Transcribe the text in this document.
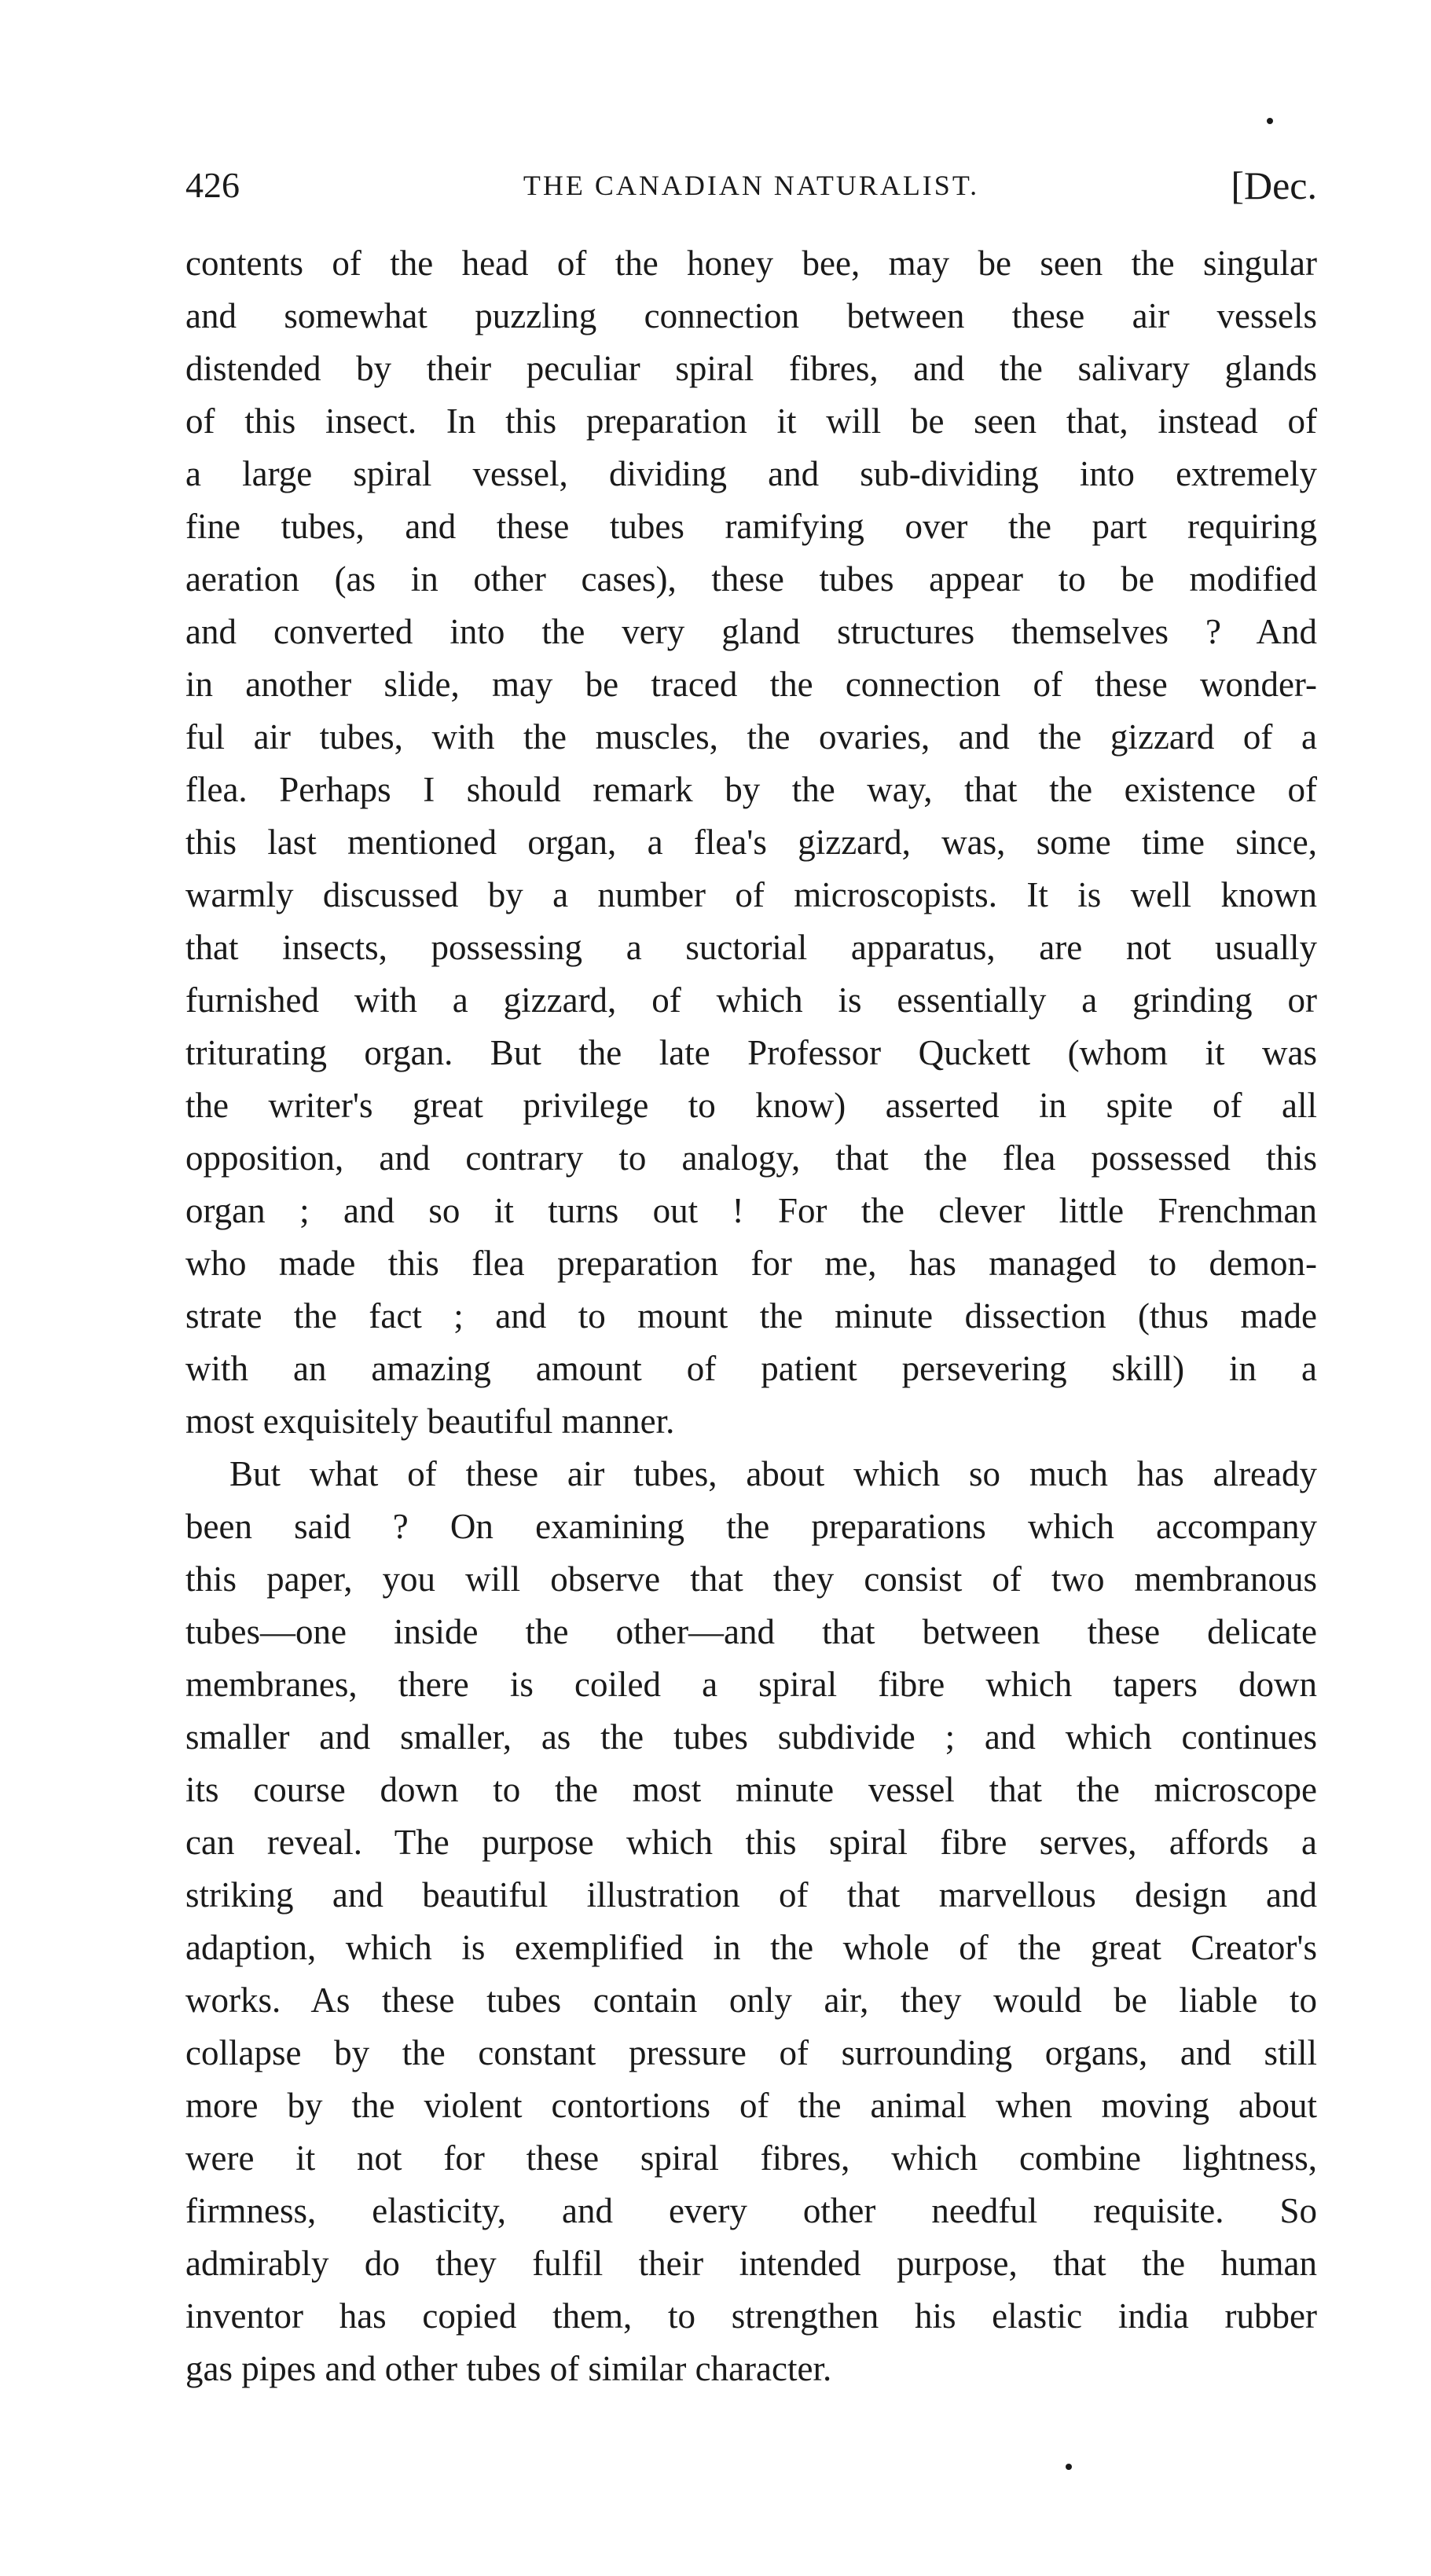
426	THE CANADIAN NATURALIST.	[Dec.
contents of the head of the honey bee, may be seen the singular
and somewhat puzzling connection between these air vessels
distended by their peculiar spiral fibres, and the salivary glands
of this insect. In this preparation it will be seen that, instead of
a large spiral vessel, dividing and sub-dividing into extremely
fine tubes, and these tubes ramifying over the part requiring
aeration (as in other cases), these tubes appear to be modified
and converted into the very gland structures themselves ? And
in another slide, may be traced the connection of these wonder-
ful air tubes, with the muscles, the ovaries, and the gizzard of a
flea. Perhaps I should remark by the way, that the existence of
this last mentioned organ, a flea's gizzard, was, some time since,
warmly discussed by a number of microscopists. It is well known
that insects, possessing a suctorial apparatus, are not usually
furnished with a gizzard, of which is essentially a grinding or
triturating organ. But the late Professor Quckett (whom it was
the writer's great privilege to know) asserted in spite of all
opposition, and contrary to analogy, that the flea possessed this
organ ; and so it turns out ! For the clever little Frenchman
who made this flea preparation for me, has managed to demon-
strate the fact ; and to mount the minute dissection (thus made
with an amazing amount of patient persevering skill) in a
most exquisitely beautiful manner.
But what of these air tubes, about which so much has already
been said ? On examining the preparations which accompany
this paper, you will observe that they consist of two membranous
tubes—one inside the other—and that between these delicate
membranes, there is coiled a spiral fibre which tapers down
smaller and smaller, as the tubes subdivide ; and which continues
its course down to the most minute vessel that the microscope
can reveal. The purpose which this spiral fibre serves, affords a
striking and beautiful illustration of that marvellous design and
adaption, which is exemplified in the whole of the great Creator's
works. As these tubes contain only air, they would be liable to
collapse by the constant pressure of surrounding organs, and still
more by the violent contortions of the animal when moving about
were it not for these spiral fibres, which combine lightness,
firmness, elasticity, and every other needful requisite. So
admirably do they fulfil their intended purpose, that the human
inventor has copied them, to strengthen his elastic india rubber
gas pipes and other tubes of similar character.
